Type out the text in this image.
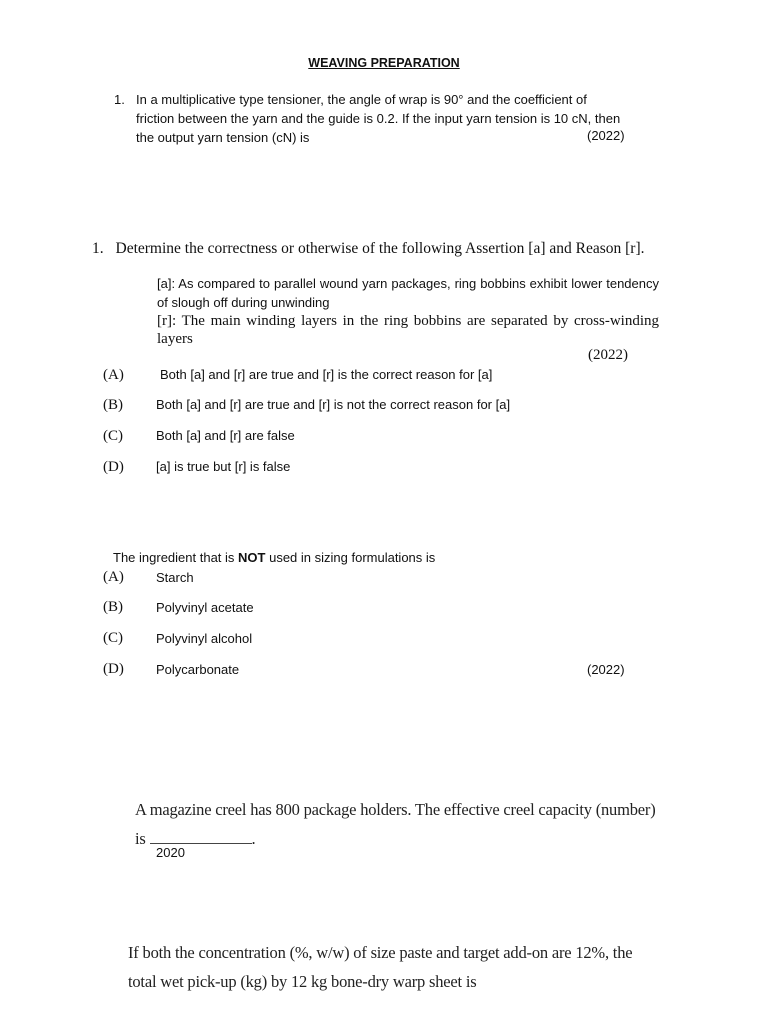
WEAVING PREPARATION
1. In a multiplicative type tensioner, the angle of wrap is 90° and the coefficient of
friction between the yarn and the guide is 0.2. If the input yarn tension is 10 cN, then
the output yarn tension (cN) is	(2022)
1. Determine the correctness or otherwise of the following Assertion [a] and Reason [r].
[a]: As compared to parallel wound yarn packages, ring bobbins exhibit lower tendency of slough off during unwinding
[r]: The main winding layers in the ring bobbins are separated by cross-winding layers
(2022)
(A)	Both [a] and [r] are true and [r] is the correct reason for [a]
(B)	Both [a] and [r] are true and [r] is not the correct reason for [a]
(C)	Both [a] and [r] are false
(D) [a] is true but [r] is false
The ingredient that is NOT used in sizing formulations is
(A) Starch
(B)	Polyvinyl acetate
(C)	Polyvinyl alcohol
(D) Polycarbonate	(2022)
A magazine creel has 800 package holders. The effective creel capacity (number)
is	.
2020
If both the concentration (%, w/w) of size paste and target add-on are 12%, the
total wet pick-up (kg) by 12 kg bone-dry warp sheet is
